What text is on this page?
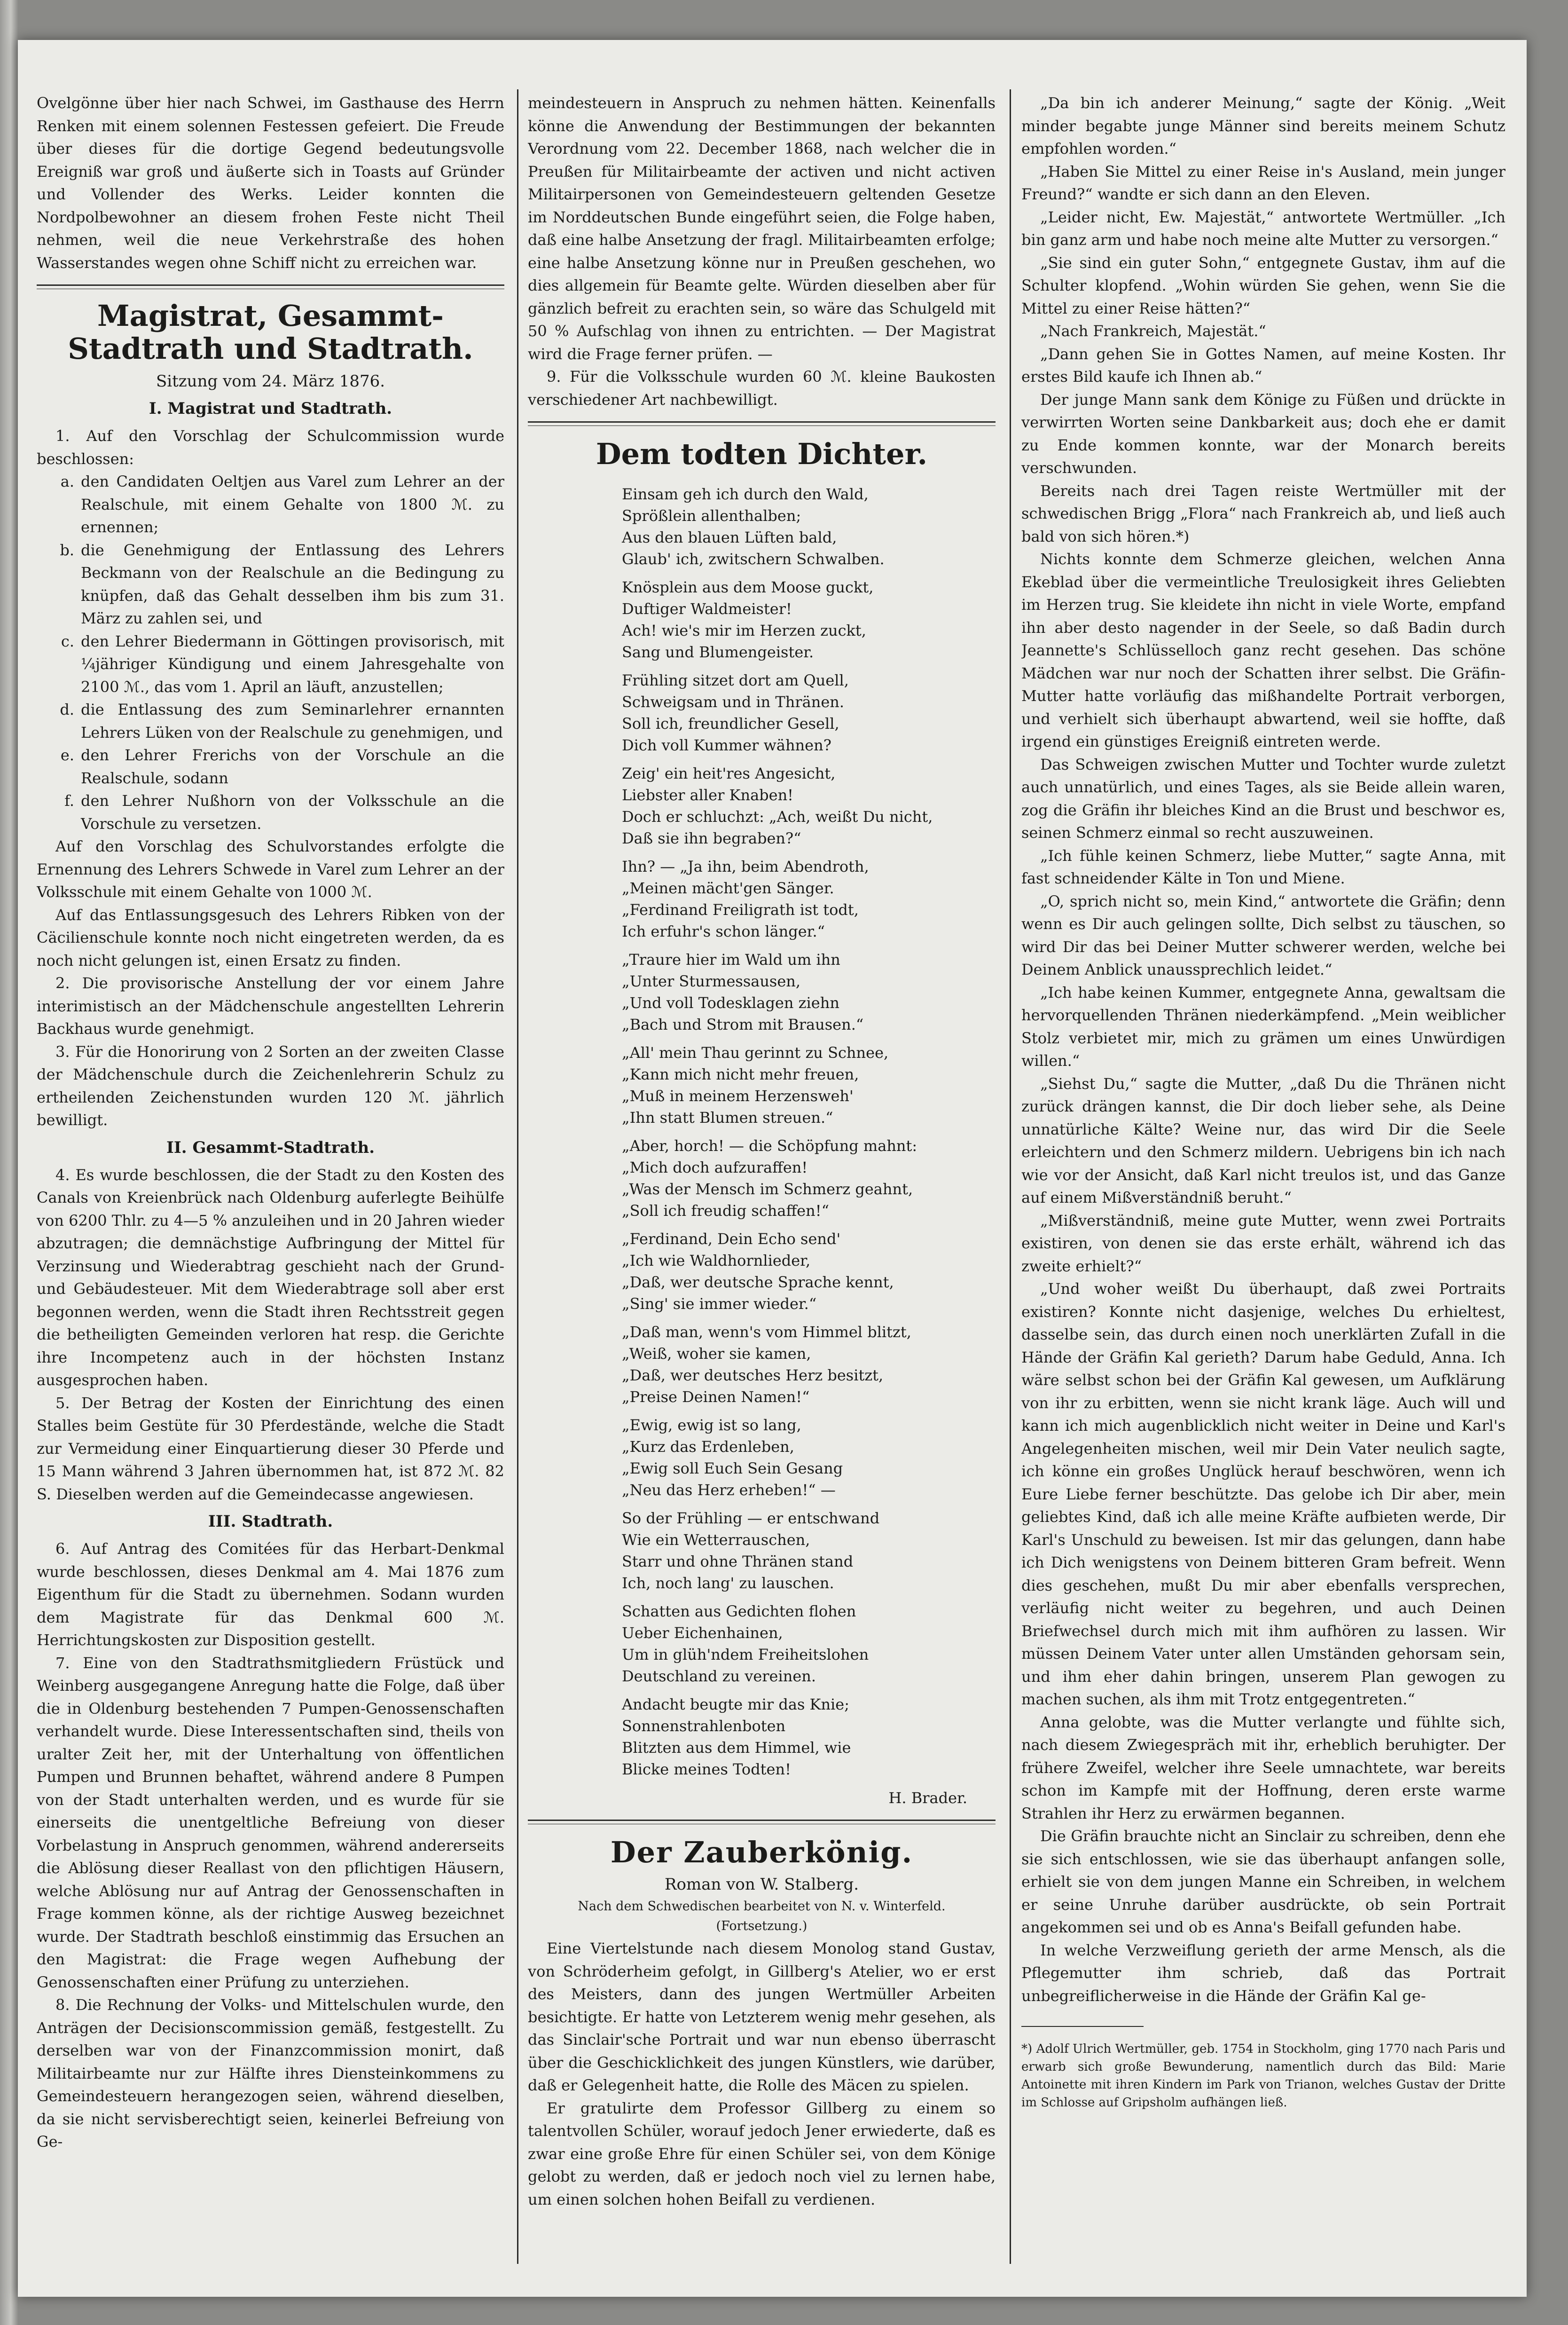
Ovelgönne über hier nach Schwei, im Gasthause des Herrn Renken mit einem solennen Festessen gefeiert. Die Freude über dieses für die dortige Gegend bedeutungsvolle Ereigniß war groß und äußerte sich in Toasts auf Gründer und Vollender des Werks. Leider konnten die Nordpolbewohner an diesem frohen Feste nicht Theil nehmen, weil die neue Verkehrstraße des hohen Wasserstandes wegen ohne Schiff nicht zu erreichen war.

Magistrat, Gesammt-Stadtrath und Stadtrath.
Sitzung vom 24. März 1876.
I. Magistrat und Stadtrath.

1. Auf den Vorschlag der Schulcommission wurde beschlossen:

a. den Candidaten Oeltjen aus Varel zum Lehrer an der Realschule, mit einem Gehalte von 1800 ℳ. zu ernennen;
b. die Genehmigung der Entlassung des Lehrers Beckmann von der Realschule an die Bedingung zu knüpfen, daß das Gehalt desselben ihm bis zum 31. März zu zahlen sei, und
c. den Lehrer Biedermann in Göttingen provisorisch, mit ¼jähriger Kündigung und einem Jahresgehalte von 2100 ℳ., das vom 1. April an läuft, anzustellen;
d. die Entlassung des zum Seminarlehrer ernannten Lehrers Lüken von der Realschule zu genehmigen, und
e. den Lehrer Frerichs von der Vorschule an die Realschule, sodann
f. den Lehrer Nußhorn von der Volksschule an die Vorschule zu versetzen.

Auf den Vorschlag des Schulvorstandes erfolgte die Ernennung des Lehrers Schwede in Varel zum Lehrer an der Volksschule mit einem Gehalte von 1000 ℳ.

Auf das Entlassungsgesuch des Lehrers Ribken von der Cäcilienschule konnte noch nicht eingetreten werden, da es noch nicht gelungen ist, einen Ersatz zu finden.

2. Die provisorische Anstellung der vor einem Jahre interimistisch an der Mädchenschule angestellten Lehrerin Backhaus wurde genehmigt.

3. Für die Honorirung von 2 Sorten an der zweiten Classe der Mädchenschule durch die Zeichenlehrerin Schulz zu ertheilenden Zeichenstunden wurden 120 ℳ. jährlich bewilligt.

II. Gesammt-Stadtrath.

4. Es wurde beschlossen, die der Stadt zu den Kosten des Canals von Kreienbrück nach Oldenburg auferlegte Beihülfe von 6200 Thlr. zu 4—5 % anzuleihen und in 20 Jahren wieder abzutragen; die demnächstige Aufbringung der Mittel für Verzinsung und Wiederabtrag geschieht nach der Grund- und Gebäudesteuer. Mit dem Wiederabtrage soll aber erst begonnen werden, wenn die Stadt ihren Rechtsstreit gegen die betheiligten Gemeinden verloren hat resp. die Gerichte ihre Incompetenz auch in der höchsten Instanz ausgesprochen haben.

5. Der Betrag der Kosten der Einrichtung des einen Stalles beim Gestüte für 30 Pferdestände, welche die Stadt zur Vermeidung einer Einquartierung dieser 30 Pferde und 15 Mann während 3 Jahren übernommen hat, ist 872 ℳ. 82 S. Dieselben werden auf die Gemeindecasse angewiesen.

III. Stadtrath.

6. Auf Antrag des Comitées für das Herbart-Denkmal wurde beschlossen, dieses Denkmal am 4. Mai 1876 zum Eigenthum für die Stadt zu übernehmen. Sodann wurden dem Magistrate für das Denkmal 600 ℳ. Herrichtungskosten zur Disposition gestellt.

7. Eine von den Stadtrathsmitgliedern Früstück und Weinberg ausgegangene Anregung hatte die Folge, daß über die in Oldenburg bestehenden 7 Pumpen-Genossenschaften verhandelt wurde. Diese Interessentschaften sind, theils von uralter Zeit her, mit der Unterhaltung von öffentlichen Pumpen und Brunnen behaftet, während andere 8 Pumpen von der Stadt unterhalten werden, und es wurde für sie einerseits die unentgeltliche Befreiung von dieser Vorbelastung in Anspruch genommen, während andererseits die Ablösung dieser Reallast von den pflichtigen Häusern, welche Ablösung nur auf Antrag der Genossenschaften in Frage kommen könne, als der richtige Ausweg bezeichnet wurde. Der Stadtrath beschloß einstimmig das Ersuchen an den Magistrat: die Frage wegen Aufhebung der Genossenschaften einer Prüfung zu unterziehen.

8. Die Rechnung der Volks- und Mittelschulen wurde, den Anträgen der Decisionscommission gemäß, festgestellt. Zu derselben war von der Finanzcommission monirt, daß Militairbeamte nur zur Hälfte ihres Diensteinkommens zu Gemeindesteuern herangezogen seien, während dieselben, da sie nicht servisberechtigt seien, keinerlei Befreiung von Ge-

meindesteuern in Anspruch zu nehmen hätten. Keinenfalls könne die Anwendung der Bestimmungen der bekannten Verordnung vom 22. December 1868, nach welcher die in Preußen für Militairbeamte der activen und nicht activen Militairpersonen von Gemeindesteuern geltenden Gesetze im Norddeutschen Bunde eingeführt seien, die Folge haben, daß eine halbe Ansetzung der fragl. Militairbeamten erfolge; eine halbe Ansetzung könne nur in Preußen geschehen, wo dies allgemein für Beamte gelte. Würden dieselben aber für gänzlich befreit zu erachten sein, so wäre das Schulgeld mit 50 % Aufschlag von ihnen zu entrichten. — Der Magistrat wird die Frage ferner prüfen. —

9. Für die Volksschule wurden 60 ℳ. kleine Baukosten verschiedener Art nachbewilligt.

Dem todten Dichter.
Einsam geh ich durch den Wald,
Sprößlein allenthalben;
Aus den blauen Lüften bald,
Glaub' ich, zwitschern Schwalben.
Knösplein aus dem Moose guckt,
Duftiger Waldmeister!
Ach! wie's mir im Herzen zuckt,
Sang und Blumengeister.
Frühling sitzet dort am Quell,
Schweigsam und in Thränen.
Soll ich, freundlicher Gesell,
Dich voll Kummer wähnen?
Zeig' ein heit'res Angesicht,
Liebster aller Knaben!
Doch er schluchzt: „Ach, weißt Du nicht,
Daß sie ihn begraben?“
Ihn? — „Ja ihn, beim Abendroth,
„Meinen mächt'gen Sänger.
„Ferdinand Freiligrath ist todt,
Ich erfuhr's schon länger.“
„Traure hier im Wald um ihn
„Unter Sturmessausen,
„Und voll Todesklagen ziehn
„Bach und Strom mit Brausen.“
„All' mein Thau gerinnt zu Schnee,
„Kann mich nicht mehr freuen,
„Muß in meinem Herzensweh'
„Ihn statt Blumen streuen.“
„Aber, horch! — die Schöpfung mahnt:
„Mich doch aufzuraffen!
„Was der Mensch im Schmerz geahnt,
„Soll ich freudig schaffen!“
„Ferdinand, Dein Echo send'
„Ich wie Waldhornlieder,
„Daß, wer deutsche Sprache kennt,
„Sing' sie immer wieder.“
„Daß man, wenn's vom Himmel blitzt,
„Weiß, woher sie kamen,
„Daß, wer deutsches Herz besitzt,
„Preise Deinen Namen!“
„Ewig, ewig ist so lang,
„Kurz das Erdenleben,
„Ewig soll Euch Sein Gesang
„Neu das Herz erheben!“ —
So der Frühling — er entschwand
Wie ein Wetterrauschen,
Starr und ohne Thränen stand
Ich, noch lang' zu lauschen.
Schatten aus Gedichten flohen
Ueber Eichenhainen,
Um in glüh'ndem Freiheitslohen
Deutschland zu vereinen.
Andacht beugte mir das Knie;
Sonnenstrahlenboten
Blitzten aus dem Himmel, wie
Blicke meines Todten!
H. Brader.
Der Zauberkönig.
Roman von W. Stalberg.
Nach dem Schwedischen bearbeitet von N. v. Winterfeld.
(Fortsetzung.)

Eine Viertelstunde nach diesem Monolog stand Gustav, von Schröderheim gefolgt, in Gillberg's Atelier, wo er erst des Meisters, dann des jungen Wertmüller Arbeiten besichtigte. Er hatte von Letzterem wenig mehr gesehen, als das Sinclair'sche Portrait und war nun ebenso überrascht über die Geschicklichkeit des jungen Künstlers, wie darüber, daß er Gelegenheit hatte, die Rolle des Mäcen zu spielen.

Er gratulirte dem Professor Gillberg zu einem so talentvollen Schüler, worauf jedoch Jener erwiederte, daß es zwar eine große Ehre für einen Schüler sei, von dem Könige gelobt zu werden, daß er jedoch noch viel zu lernen habe, um einen solchen hohen Beifall zu verdienen.

„Da bin ich anderer Meinung,“ sagte der König. „Weit minder begabte junge Männer sind bereits meinem Schutz empfohlen worden.“

„Haben Sie Mittel zu einer Reise in's Ausland, mein junger Freund?“ wandte er sich dann an den Eleven.

„Leider nicht, Ew. Majestät,“ antwortete Wertmüller. „Ich bin ganz arm und habe noch meine alte Mutter zu versorgen.“

„Sie sind ein guter Sohn,“ entgegnete Gustav, ihm auf die Schulter klopfend. „Wohin würden Sie gehen, wenn Sie die Mittel zu einer Reise hätten?“

„Nach Frankreich, Majestät.“

„Dann gehen Sie in Gottes Namen, auf meine Kosten. Ihr erstes Bild kaufe ich Ihnen ab.“

Der junge Mann sank dem Könige zu Füßen und drückte in verwirrten Worten seine Dankbarkeit aus; doch ehe er damit zu Ende kommen konnte, war der Monarch bereits verschwunden.

Bereits nach drei Tagen reiste Wertmüller mit der schwedischen Brigg „Flora“ nach Frankreich ab, und ließ auch bald von sich hören.*)

Nichts konnte dem Schmerze gleichen, welchen Anna Ekeblad über die vermeintliche Treulosigkeit ihres Geliebten im Herzen trug. Sie kleidete ihn nicht in viele Worte, empfand ihn aber desto nagender in der Seele, so daß Badin durch Jeannette's Schlüsselloch ganz recht gesehen. Das schöne Mädchen war nur noch der Schatten ihrer selbst. Die Gräfin-Mutter hatte vorläufig das mißhandelte Portrait verborgen, und verhielt sich überhaupt abwartend, weil sie hoffte, daß irgend ein günstiges Ereigniß eintreten werde.

Das Schweigen zwischen Mutter und Tochter wurde zuletzt auch unnatürlich, und eines Tages, als sie Beide allein waren, zog die Gräfin ihr bleiches Kind an die Brust und beschwor es, seinen Schmerz einmal so recht auszuweinen.

„Ich fühle keinen Schmerz, liebe Mutter,“ sagte Anna, mit fast schneidender Kälte in Ton und Miene.

„O, sprich nicht so, mein Kind,“ antwortete die Gräfin; denn wenn es Dir auch gelingen sollte, Dich selbst zu täuschen, so wird Dir das bei Deiner Mutter schwerer werden, welche bei Deinem Anblick unaussprechlich leidet.“

„Ich habe keinen Kummer, entgegnete Anna, gewaltsam die hervorquellenden Thränen niederkämpfend. „Mein weiblicher Stolz verbietet mir, mich zu grämen um eines Unwürdigen willen.“

„Siehst Du,“ sagte die Mutter, „daß Du die Thränen nicht zurück drängen kannst, die Dir doch lieber sehe, als Deine unnatürliche Kälte? Weine nur, das wird Dir die Seele erleichtern und den Schmerz mildern. Uebrigens bin ich nach wie vor der Ansicht, daß Karl nicht treulos ist, und das Ganze auf einem Mißverständniß beruht.“

„Mißverständniß, meine gute Mutter, wenn zwei Portraits existiren, von denen sie das erste erhält, während ich das zweite erhielt?“

„Und woher weißt Du überhaupt, daß zwei Portraits existiren? Konnte nicht dasjenige, welches Du erhieltest, dasselbe sein, das durch einen noch unerklärten Zufall in die Hände der Gräfin Kal gerieth? Darum habe Geduld, Anna. Ich wäre selbst schon bei der Gräfin Kal gewesen, um Aufklärung von ihr zu erbitten, wenn sie nicht krank läge. Auch will und kann ich mich augenblicklich nicht weiter in Deine und Karl's Angelegenheiten mischen, weil mir Dein Vater neulich sagte, ich könne ein großes Unglück herauf beschwören, wenn ich Eure Liebe ferner beschützte. Das gelobe ich Dir aber, mein geliebtes Kind, daß ich alle meine Kräfte aufbieten werde, Dir Karl's Unschuld zu beweisen. Ist mir das gelungen, dann habe ich Dich wenigstens von Deinem bitteren Gram befreit. Wenn dies geschehen, mußt Du mir aber ebenfalls versprechen, verläufig nicht weiter zu begehren, und auch Deinen Briefwechsel durch mich mit ihm aufhören zu lassen. Wir müssen Deinem Vater unter allen Umständen gehorsam sein, und ihm eher dahin bringen, unserem Plan gewogen zu machen suchen, als ihm mit Trotz entgegentreten.“

Anna gelobte, was die Mutter verlangte und fühlte sich, nach diesem Zwiegespräch mit ihr, erheblich beruhigter. Der frühere Zweifel, welcher ihre Seele umnachtete, war bereits schon im Kampfe mit der Hoffnung, deren erste warme Strahlen ihr Herz zu erwärmen begannen.

Die Gräfin brauchte nicht an Sinclair zu schreiben, denn ehe sie sich entschlossen, wie sie das überhaupt anfangen solle, erhielt sie von dem jungen Manne ein Schreiben, in welchem er seine Unruhe darüber ausdrückte, ob sein Portrait angekommen sei und ob es Anna's Beifall gefunden habe.

In welche Verzweiflung gerieth der arme Mensch, als die Pflegemutter ihm schrieb, daß das Portrait unbegreiflicherweise in die Hände der Gräfin Kal ge-

*) Adolf Ulrich Wertmüller, geb. 1754 in Stockholm, ging 1770 nach Paris und erwarb sich große Bewunderung, namentlich durch das Bild: Marie Antoinette mit ihren Kindern im Park von Trianon, welches Gustav der Dritte im Schlosse auf Gripsholm aufhängen ließ.
